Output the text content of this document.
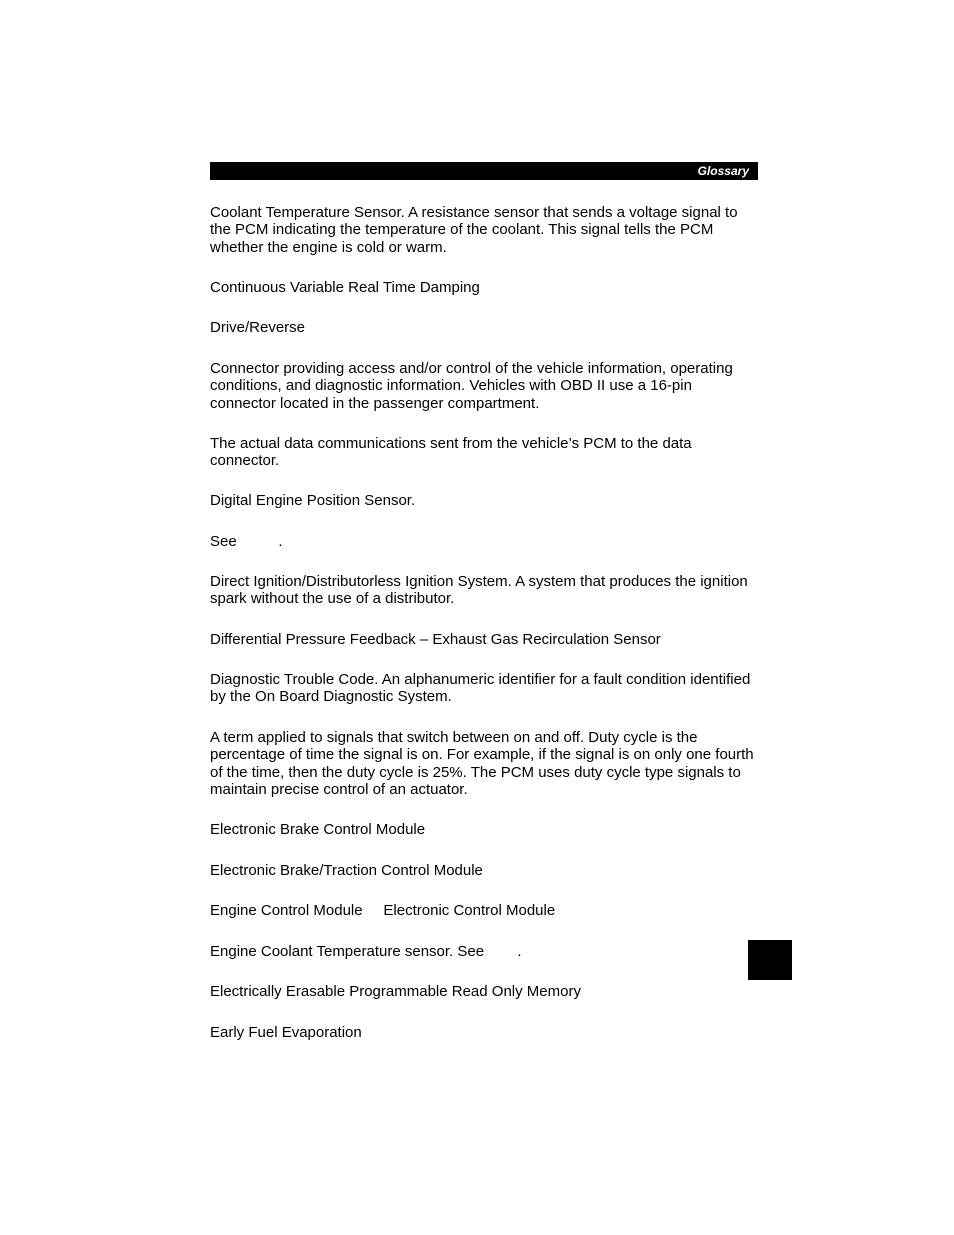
Glossary
Coolant Temperature Sensor. A resistance sensor that sends a voltage signal to the PCM indicating the temperature of the coolant. This signal tells the PCM whether the engine is cold or warm.
Continuous Variable Real Time Damping
Drive/Reverse
Connector providing access and/or control of the vehicle information, operating conditions, and diagnostic information. Vehicles with OBD II use a 16-pin connector located in the passenger compartment.
The actual data communications sent from the vehicle’s PCM to the data connector.
Digital Engine Position Sensor.
See          .
Direct Ignition/Distributorless Ignition System. A system that produces the ignition spark without the use of a distributor.
Differential Pressure Feedback – Exhaust Gas Recirculation Sensor
Diagnostic Trouble Code. An alphanumeric identifier for a fault condition identified by the On Board Diagnostic System.
A term applied to signals that switch between on and off. Duty cycle is the percentage of time the signal is on. For example, if the signal is on only one fourth of the time, then the duty cycle is 25%. The PCM uses duty cycle type signals to maintain precise control of an actuator.
Electronic Brake Control Module
Electronic Brake/Traction Control Module
Engine Control Module     Electronic Control Module
Engine Coolant Temperature sensor. See        .
Electrically Erasable Programmable Read Only Memory
Early Fuel Evaporation
